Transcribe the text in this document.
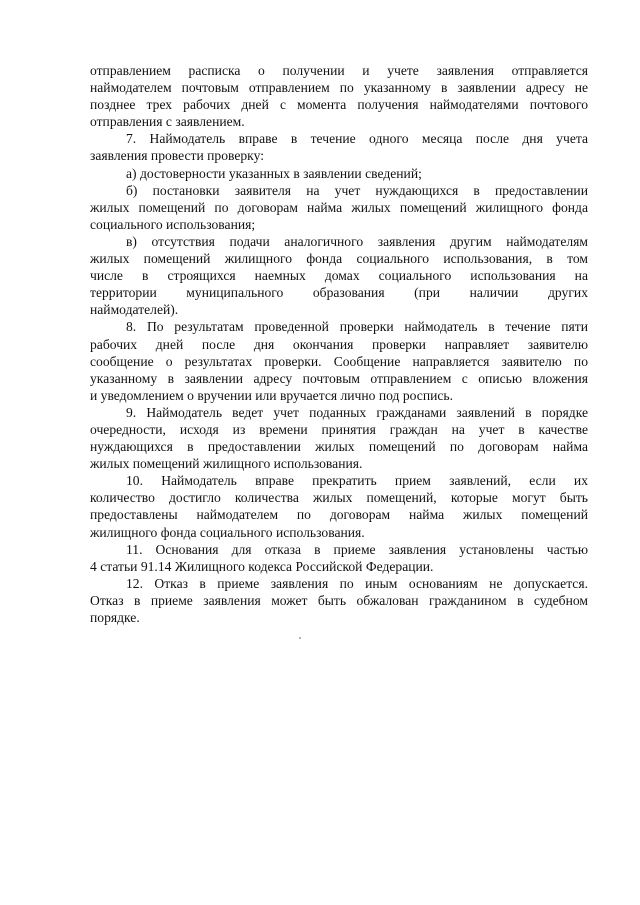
отправлением расписка о получении и учете заявления отправляется
наймодателем почтовым отправлением по указанному в заявлении адресу не
позднее трех рабочих дней с момента получения наймодателями почтового
отправления с заявлением.
7. Наймодатель вправе в течение одного месяца после дня учета
заявления провести проверку:
а) достоверности указанных в заявлении сведений;
б) постановки заявителя на учет нуждающихся в предоставлении
жилых помещений по договорам найма жилых помещений жилищного фонда
социального использования;
в) отсутствия подачи аналогичного заявления другим наймодателям
жилых помещений жилищного фонда социального использования, в том
числе в строящихся наемных домах социального использования на
территории муниципального образования (при наличии других
наймодателей).
8. По результатам проведенной проверки наймодатель в течение пяти
рабочих дней после дня окончания проверки направляет заявителю
сообщение о результатах проверки. Сообщение направляется заявителю по
указанному в заявлении адресу почтовым отправлением с описью вложения
и уведомлением о вручении или вручается лично под роспись.
9. Наймодатель ведет учет поданных гражданами заявлений в порядке
очередности, исходя из времени принятия граждан на учет в качестве
нуждающихся в предоставлении жилых помещений по договорам найма
жилых помещений жилищного использования.
10. Наймодатель вправе прекратить прием заявлений, если их
количество достигло количества жилых помещений, которые могут быть
предоставлены наймодателем по договорам найма жилых помещений
жилищного фонда социального использования.
11. Основания для отказа в приеме заявления установлены частью
4 статьи 91.14 Жилищного кодекса Российской Федерации.
12. Отказ в приеме заявления по иным основаниям не допускается.
Отказ в приеме заявления может быть обжалован гражданином в судебном
порядке.
